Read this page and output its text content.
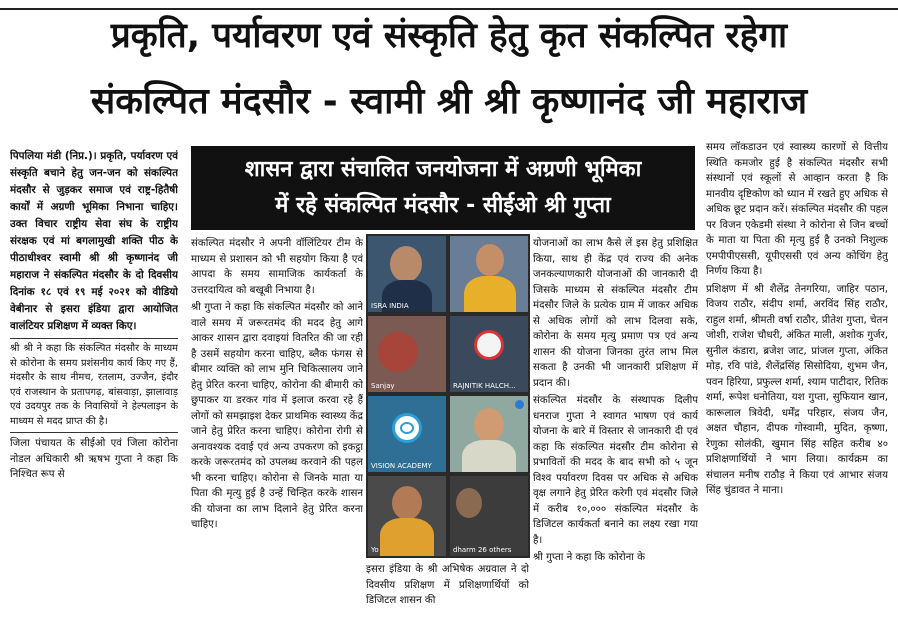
प्रकृति, पर्यावरण एवं संस्कृति हेतु कृत संकल्पित रहेगा
संकल्पित मंदसौर - स्वामी श्री श्री कृष्णानंद जी महाराज

पिपलिया मंडी (निप्र.)। प्रकृति, पर्यावरण एवं संस्कृति बचाने हेतु जन-जन को संकल्पित मंदसौर से जुड़कर समाज एवं राष्ट्र-हितैषी कार्यों में अग्रणी भूमिका निभाना चाहिए। उक्त विचार राष्ट्रीय सेवा संघ के राष्ट्रीय संरक्षक एवं मां बगलामुखी शक्ति पीठ के पीठाधीश्वर स्वामी श्री श्री कृष्णानंद जी महाराज ने संकल्पित मंदसौर के दो दिवसीय दिनांक १८ एवं १९ मई २०२१ को वीडियो वेबीनार से इसरा इंडिया द्वारा आयोजित वालंटियर प्रशिक्षण में व्यक्त किए।

श्री श्री ने कहा कि संकल्पित मंदसौर के माध्यम से कोरोना के समय प्रशंसनीय कार्य किए गए हैं, मंदसौर के साथ नीमच, रतलाम, उज्जैन, इंदौर एवं राजस्थान के प्रतापगढ़, बांसवाड़ा, झालावाड़ एवं उदयपुर तक के निवासियों ने हेल्पलाइन के माध्यम से मदद प्राप्त की है।

जिला पंचायत के सीईओ एवं जिला कोरोना नोडल अधिकारी श्री ऋषभ गुप्ता ने कहा कि निश्चित रूप से

शासन द्वारा संचालित जनयोजना में अग्रणी भूमिका
में रहे संकल्पित मंदसौर - सीईओ श्री गुप्ता

संकल्पित मंदसौर ने अपनी वॉलिंटियर टीम के माध्यम से प्रशासन को भी सहयोग किया है एवं आपदा के समय सामाजिक कार्यकर्ता के उत्तरदायित्व को बखूबी निभाया है।

श्री गुप्ता ने कहा कि संकल्पित मंदसौर को आने वाले समय में जरूरतमंद की मदद हेतु आगे आकर शासन द्वारा दवाइयां वितरित की जा रही है उसमें सहयोग करना चाहिए, ब्लैक फंगस से बीमार व्यक्ति को लाभ मुनि चिकित्सालय जाने हेतु प्रेरित करना चाहिए, कोरोना की बीमारी को छुपाकर या डरकर गांव में इलाज करवा रहे हैं लोगों को समझाइश देकर प्राथमिक स्वास्थ्य केंद्र जाने हेतु प्रेरित करना चाहिए। कोरोना रोगी से अनावश्यक दवाई एवं अन्य उपकरण को इकट्ठा करके जरूरतमंद को उपलब्ध करवाने की पहल भी करना चाहिए। कोरोना से जिनके माता या पिता की मृत्यु हुई है उन्हें चिन्हित करके शासन की योजना का लाभ दिलाने हेतु प्रेरित करना चाहिए।

ISRA INDIA
Sanjay	RAJNITIK HALCH...
VISION ACADEMY
Yo	dharm 26 others

इसरा इंडिया के श्री अभिषेक अग्रवाल ने दो दिवसीय प्रशिक्षण में प्रशिक्षणार्थियों को डिजिटल शासन की

योजनाओं का लाभ कैसे लें इस हेतु प्रशिक्षित किया, साथ ही केंद्र एवं राज्य की अनेक जनकल्याणकारी योजनाओं की जानकारी दी जिसके माध्यम से संकल्पित मंदसौर टीम मंदसौर जिले के प्रत्येक ग्राम में जाकर अधिक से अधिक लोगों को लाभ दिलवा सके, कोरोना के समय मृत्यु प्रमाण पत्र एवं अन्य शासन की योजना जिनका तुरंत लाभ मिल सकता है उनकी भी जानकारी प्रशिक्षण में प्रदान की।

संकल्पित मंदसौर के संस्थापक दिलीप धनराज गुप्ता ने स्वागत भाषण एवं कार्य योजना के बारे में विस्तार से जानकारी दी एवं कहा कि संकल्पित मंदसौर टीम कोरोना से प्रभावितों की मदद के बाद सभी को ५ जून विश्व पर्यावरण दिवस पर अधिक से अधिक वृक्ष लगाने हेतु प्रेरित करेगी एवं मंदसौर जिले में करीब १०,००० संकल्पित मंदसौर के डिजिटल कार्यकर्ता बनाने का लक्ष्य रखा गया है।

श्री गुप्ता ने कहा कि कोरोना के

समय लॉकडाउन एवं स्वास्थ्य कारणों से वित्तीय स्थिति कमजोर हुई है संकल्पित मंदसौर सभी संस्थानों एवं स्कूलों से आव्हान करता है कि मानवीय दृष्टिकोण को ध्यान में रखते हुए अधिक से अधिक छूट प्रदान करें। संकल्पित मंदसौर की पहल पर विजन एकेडमी संस्था ने कोरोना से जिन बच्चों के माता या पिता की मृत्यु हुई है उनको निशुल्क एमपीपीएससी, यूपीएससी एवं अन्य कोचिंग हेतु निर्णय किया है।

प्रशिक्षण में श्री शैलेंद्र तेनगरिया, जाहिर पठान, विजय राठौर, संदीप शर्मा, अरविंद सिंह राठौर, राहुल शर्मा, श्रीमती वर्षा राठौर, प्रीतेश गुप्ता, चेतन जोशी, राजेश चौधरी, अंकित माली, अशोक गुर्जर, सुनील कंडारा, ब्रजेश जाट, प्रांजल गुप्ता, अंकित मोड़, रवि पांडे, शैलेंद्रसिंह सिसोदिया, शुभम जैन, पवन हिरिया, प्रफुल्ल शर्मा, श्याम पाटीदार, रितिक शर्मा, रूपेश धनोतिया, यश गुप्ता, सुफियान खान, कारूलाल त्रिवेदी, धर्मेंद्र परिहार, संजय जैन, अक्षत चौहान, दीपक गोस्वामी, मुदित, कृष्णा, रेणुका सोलंकी, खुमान सिंह सहित करीब ४० प्रशिक्षणार्थियों ने भाग लिया। कार्यक्रम का संचालन मनीष राठौड़ ने किया एवं आभार संजय सिंह चुंडावत ने माना।
